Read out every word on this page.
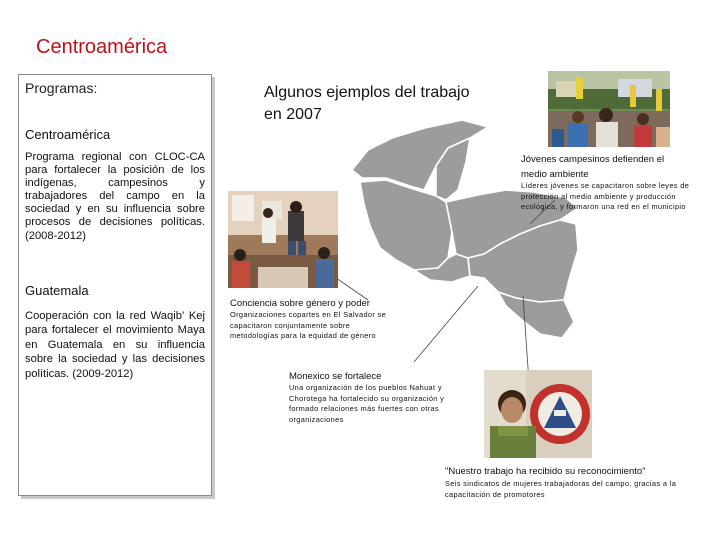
Centroamérica
Programas:
Centroamérica
Programa regional con CLOC-CA para fortalecer la posición de los indígenas, campesinos y trabajadores del campo en la sociedad y en su influencia sobre procesos de decisiones políticas. (2008-2012)
Guatemala
Cooperación con la red Waqib’ Kej para fortalecer el movimiento Maya en Guatemala en su influencia sobre la sociedad y las decisiones políticas. (2009-2012)
Algunos ejemplos del trabajo en 2007
Jóvenes campesinos defienden el medio ambiente
Líderes jóvenes se capacitaron sobre leyes de protección al medio ambiente y producción ecológica, y formaron una red en el municipio
Conciencia sobre género y poder
Organizaciones copartes en El Salvador se capacitaron conjuntamente sobre metodologías para la equidad de género
Monexico se fortalece
Una organización de los pueblos Nahuat y Chorotega ha fortalecido su organización y formado relaciones más fuertes con otras organizaciones
"Nuestro trabajo ha recibido su reconocimiento"
Seis sindicatos de mujeres trabajadoras del campo, gracias a la capacitación de promotores
